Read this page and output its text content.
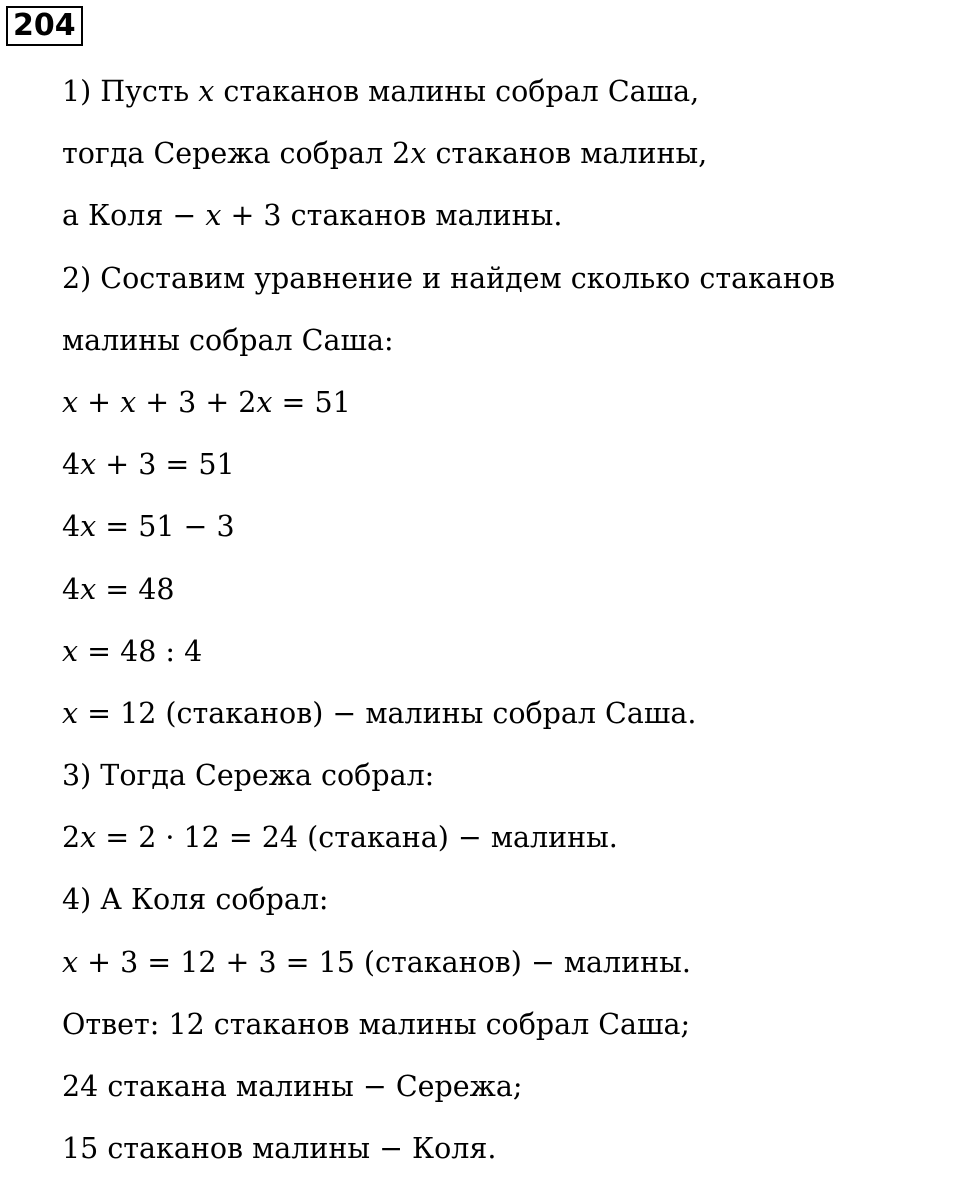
204
1) Пусть x стаканов малины собрал Саша,
тогда Сережа собрал 2x стаканов малины,
а Коля − x + 3 стаканов малины.
2) Составим уравнение и найдем сколько стаканов
малины собрал Саша:
x + x + 3 + 2x = 51
4x + 3 = 51
4x = 51 − 3
4x = 48
x = 48 : 4
x = 12 (стаканов) − малины собрал Саша.
3) Тогда Сережа собрал:
2x = 2 · 12 = 24 (стакана) − малины.
4) А Коля собрал:
x + 3 = 12 + 3 = 15 (стаканов) − малины.
Ответ: 12 стаканов малины собрал Саша;
24 стакана малины − Сережа;
15 стаканов малины − Коля.
